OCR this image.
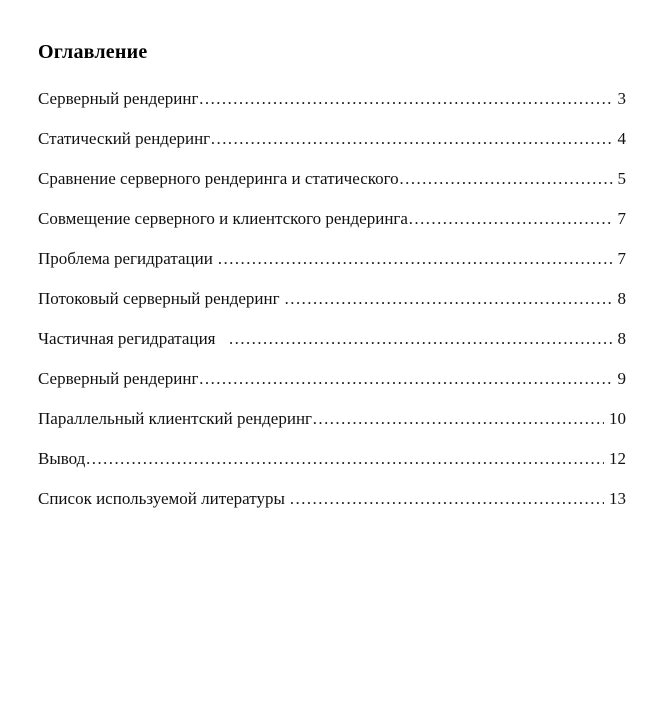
Оглавление
Серверный рендеринг ……………………………………………………………………………………………………	3
Статический рендеринг ……………………………………………………………………………………………………	4
Сравнение серверного рендеринга и статического ……………………………………………………………………………………………………	5
Совмещение серверного и клиентского рендеринга ……………………………………………………………………………………………………	7
Проблема регидратации ……………………………………………………………………………………………………	7
Потоковый серверный рендеринг ……………………………………………………………………………………………………	8
Частичная регидратация ……………………………………………………………………………………………………	8
Серверный рендеринг ……………………………………………………………………………………………………	9
Параллельный клиентский рендеринг ……………………………………………………………………………………………………	10
Вывод ……………………………………………………………………………………………………	12
Список используемой литературы ……………………………………………………………………………………………………	13
